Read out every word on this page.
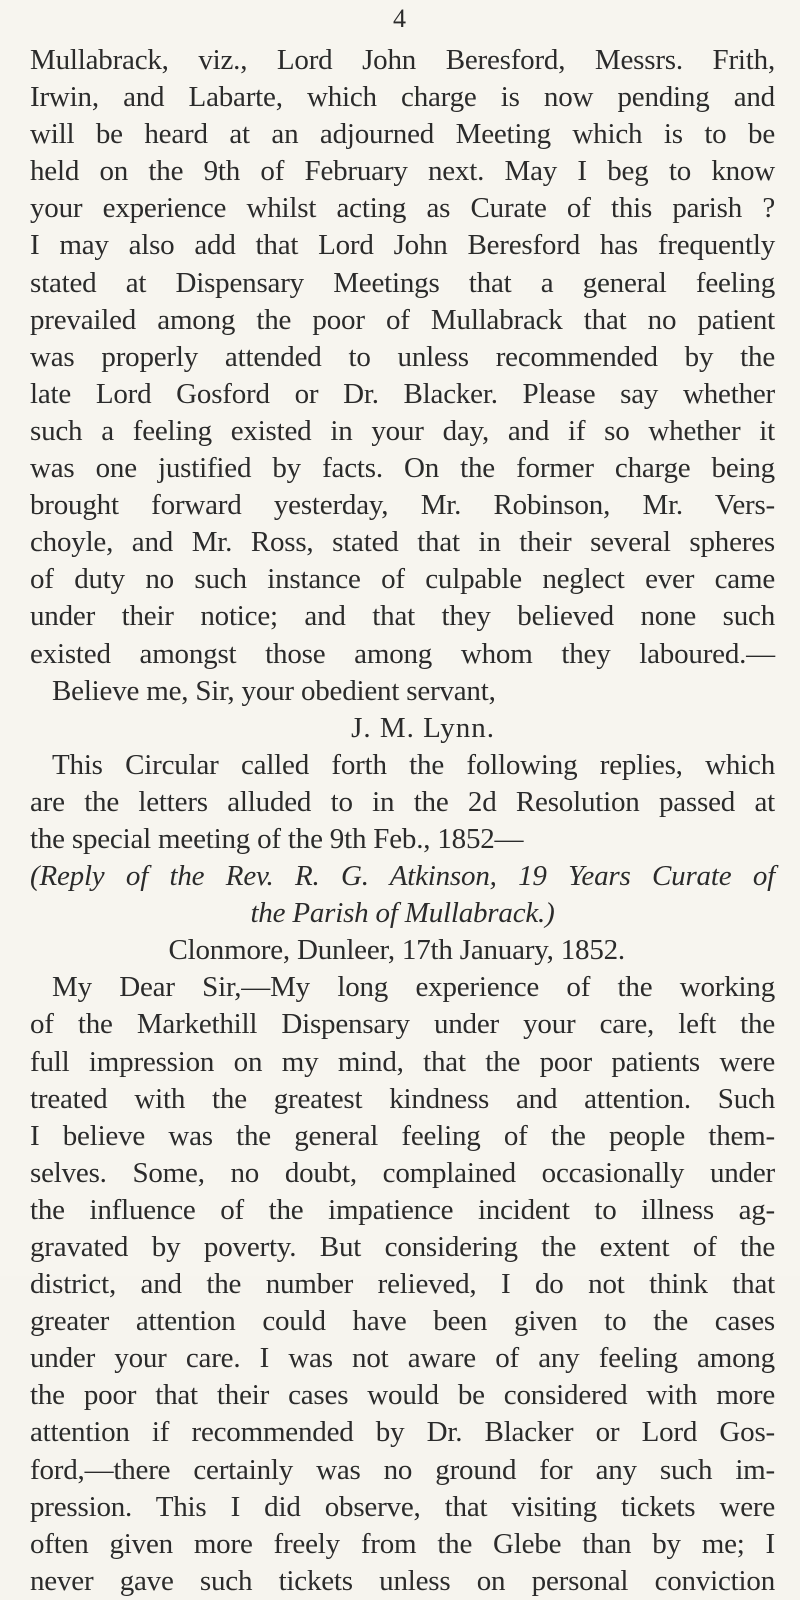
4
Mullabrack, viz., Lord John Beresford, Messrs. Frith,
Irwin, and Labarte, which charge is now pending and
will be heard at an adjourned Meeting which is to be
held on the 9th of February next. May I beg to know
your experience whilst acting as Curate of this parish ?
I may also add that Lord John Beresford has frequently
stated at Dispensary Meetings that a general feeling
prevailed among the poor of Mullabrack that no patient
was properly attended to unless recommended by the
late Lord Gosford or Dr. Blacker. Please say whether
such a feeling existed in your day, and if so whether it
was one justified by facts. On the former charge being
brought forward yesterday, Mr. Robinson, Mr. Vers-
choyle, and Mr. Ross, stated that in their several spheres
of duty no such instance of culpable neglect ever came
under their notice; and that they believed none such
existed amongst those among whom they laboured.—
Believe me, Sir, your obedient servant,
J. M. Lynn.
This Circular called forth the following replies, which
are the letters alluded to in the 2d Resolution passed at
the special meeting of the 9th Feb., 1852—
(Reply of the Rev. R. G. Atkinson, 19 Years Curate of
the Parish of Mullabrack.)
Clonmore, Dunleer, 17th January, 1852.
My Dear Sir,—My long experience of the working
of the Markethill Dispensary under your care, left the
full impression on my mind, that the poor patients were
treated with the greatest kindness and attention. Such
I believe was the general feeling of the people them-
selves. Some, no doubt, complained occasionally under
the influence of the impatience incident to illness ag-
gravated by poverty. But considering the extent of the
district, and the number relieved, I do not think that
greater attention could have been given to the cases
under your care. I was not aware of any feeling among
the poor that their cases would be considered with more
attention if recommended by Dr. Blacker or Lord Gos-
ford,—there certainly was no ground for any such im-
pression. This I did observe, that visiting tickets were
often given more freely from the Glebe than by me; I
never gave such tickets unless on personal conviction
